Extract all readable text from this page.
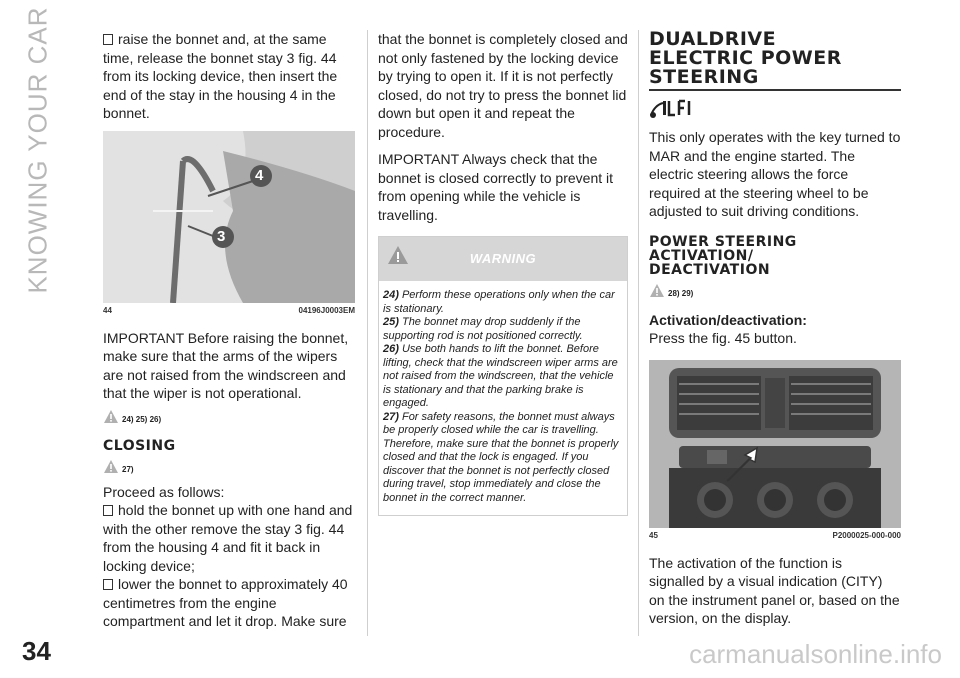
KNOWING YOUR CAR	raise the bonnet and, at the same time, release the bonnet stay 3 fig. 44 from its locking device, then insert the end of the stay in the housing 4 in the bonnet.

4
3
44	04196J0003EM

IMPORTANT Before raising the bonnet, make sure that the arms of the wipers are not raised from the windscreen and that the wiper is not operational.

24) 25) 26)
CLOSING
27)

Proceed as follows:

hold the bonnet up with one hand and with the other remove the stay 3 fig. 44 from the housing 4 and fit it back in locking device;

lower the bonnet to approximately 40 centimetres from the engine compartment and let it drop. Make sure

that the bonnet is completely closed and not only fastened by the locking device by trying to open it. If it is not perfectly closed, do not try to press the bonnet lid down but open it and repeat the procedure.

IMPORTANT Always check that the bonnet is closed correctly to prevent it from opening while the vehicle is travelling.

WARNING
24) Perform these operations only when the car is stationary.
25) The bonnet may drop suddenly if the supporting rod is not positioned correctly.
26) Use both hands to lift the bonnet. Before lifting, check that the windscreen wiper arms are not raised from the windscreen, that the vehicle is stationary and that the parking brake is engaged.
27) For safety reasons, the bonnet must always be properly closed while the car is travelling. Therefore, make sure that the bonnet is properly closed and that the lock is engaged. If you discover that the bonnet is not perfectly closed during travel, stop immediately and close the bonnet in the correct manner.
DUALDRIVE
ELECTRIC POWER
STEERING

This only operates with the key turned to MAR and the engine started. The electric steering allows the force required at the steering wheel to be adjusted to suit driving conditions.

POWER STEERING
ACTIVATION/
DEACTIVATION
28) 29)

Activation/deactivation:

Press the fig. 45 button.

45	P2000025-000-000

The activation of the function is signalled by a visual indication (CITY) on the instrument panel or, based on the version, on the display.

34	carmanualsonline.info
